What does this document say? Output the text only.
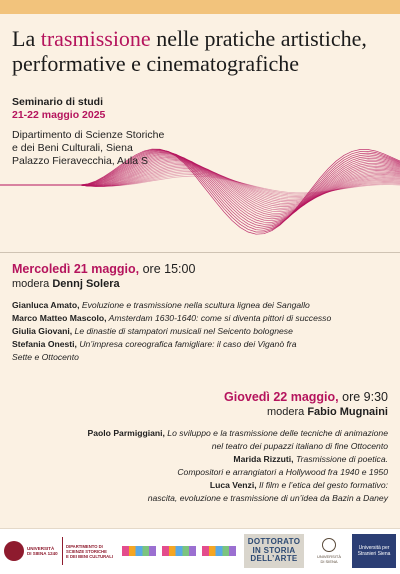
La trasmissione nelle pratiche artistiche, performative e cinematografiche
Seminario di studi
21-22 maggio 2025
Dipartimento di Scienze Storiche
e dei Beni Culturali, Siena
Palazzo Fieravecchia, Aula S
Mercoledì 21 maggio, ore 15:00
modera Dennj Solera
Gianluca Amato, Evoluzione e trasmissione nella scultura lignea dei Sangallo
Marco Matteo Mascolo, Amsterdam 1630-1640: come si diventa pittori di successo
Giulia Giovani, Le dinastie di stampatori musicali nel Seicento bolognese
Stefania Onesti, Un’impresa coreografica famigliare: il caso dei Viganò fra
Sette e Ottocento
Giovedì 22 maggio, ore 9:30
modera Fabio Mugnaini
Paolo Parmiggiani, Lo sviluppo e la trasmissione delle tecniche di animazione
nel teatro dei pupazzi italiano di fine Ottocento
Marida Rizzuti, Trasmissione di poetica.
Compositori e arrangiatori a Hollywood fra 1940 e 1950
Luca Venzi, Il film e l’etica del gesto formativo:
nascita, evoluzione e trasmissione di un’idea da Bazin a Daney
UNIVERSITÀ DI SIENA 1240
DIPARTIMENTO DI
SCIENZE STORICHE
E DEI BENI CULTURALI
DOTTORATO
IN STORIA
DELL’ARTE	UNIVERSITÀ
DI SIENA
Università per Stranieri Siena
